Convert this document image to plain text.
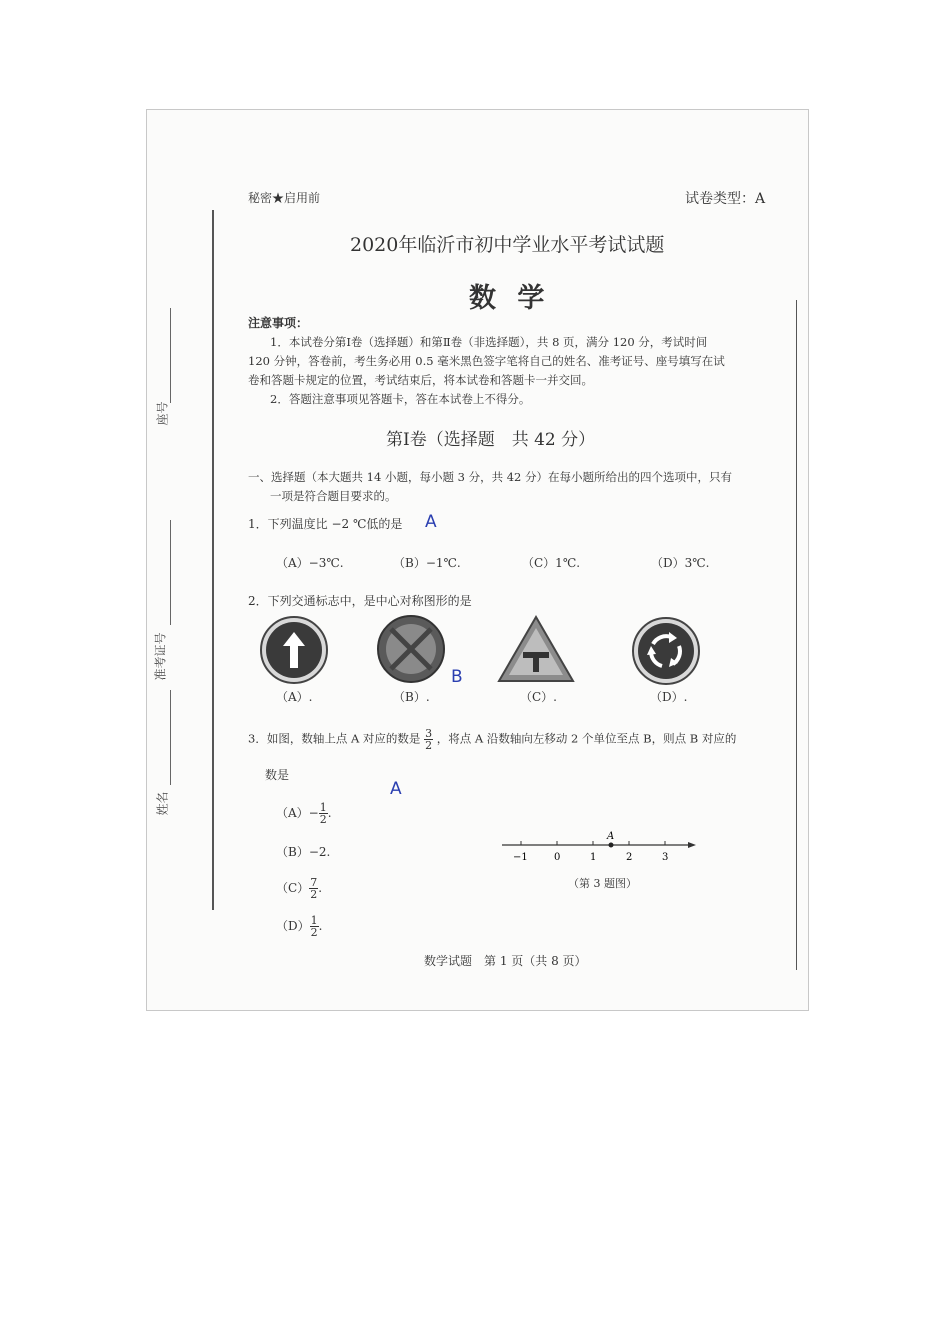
秘密★启用前	试卷类型：A
2020年临沂市初中学业水平考试试题
数 学
座号
准考证号
姓名
注意事项：
1．本试卷分第Ⅰ卷（选择题）和第Ⅱ卷（非选择题），共 8 页，满分 120 分，考试时间
120 分钟，答卷前，考生务必用 0.5 毫米黑色签字笔将自己的姓名、准考证号、座号填写在试
卷和答题卡规定的位置，考试结束后，将本试卷和答题卡一并交回。
2．答题注意事项见答题卡，答在本试卷上不得分。
第Ⅰ卷（选择题　共 42 分）
一、选择题（本大题共 14 小题，每小题 3 分，共 42 分）在每小题所给出的四个选项中，只有
一项是符合题目要求的。
1．下列温度比 −2 ℃低的是 A
（A）−3℃.	（B）−1℃.	（C）1℃.	（D）3℃.
2．下列交通标志中，是中心对称图形的是
（A）.	（B）.	（C）.	（D）.
B
3．如图，数轴上点 A 对应的数是 $\frac{3}{2}$ ，将点 A 沿数轴向左移动 2 个单位至点 B，则点 B 对应的
数是
A
$(A)- \frac{1}{2}$ .
（B）−2.
$(C) \frac{7}{2}$ .
$(D) \frac{1}{2}$ .
A
−1	0	1	2	3
（第 3 题图）
数学试题　第 1 页（共 8 页）
